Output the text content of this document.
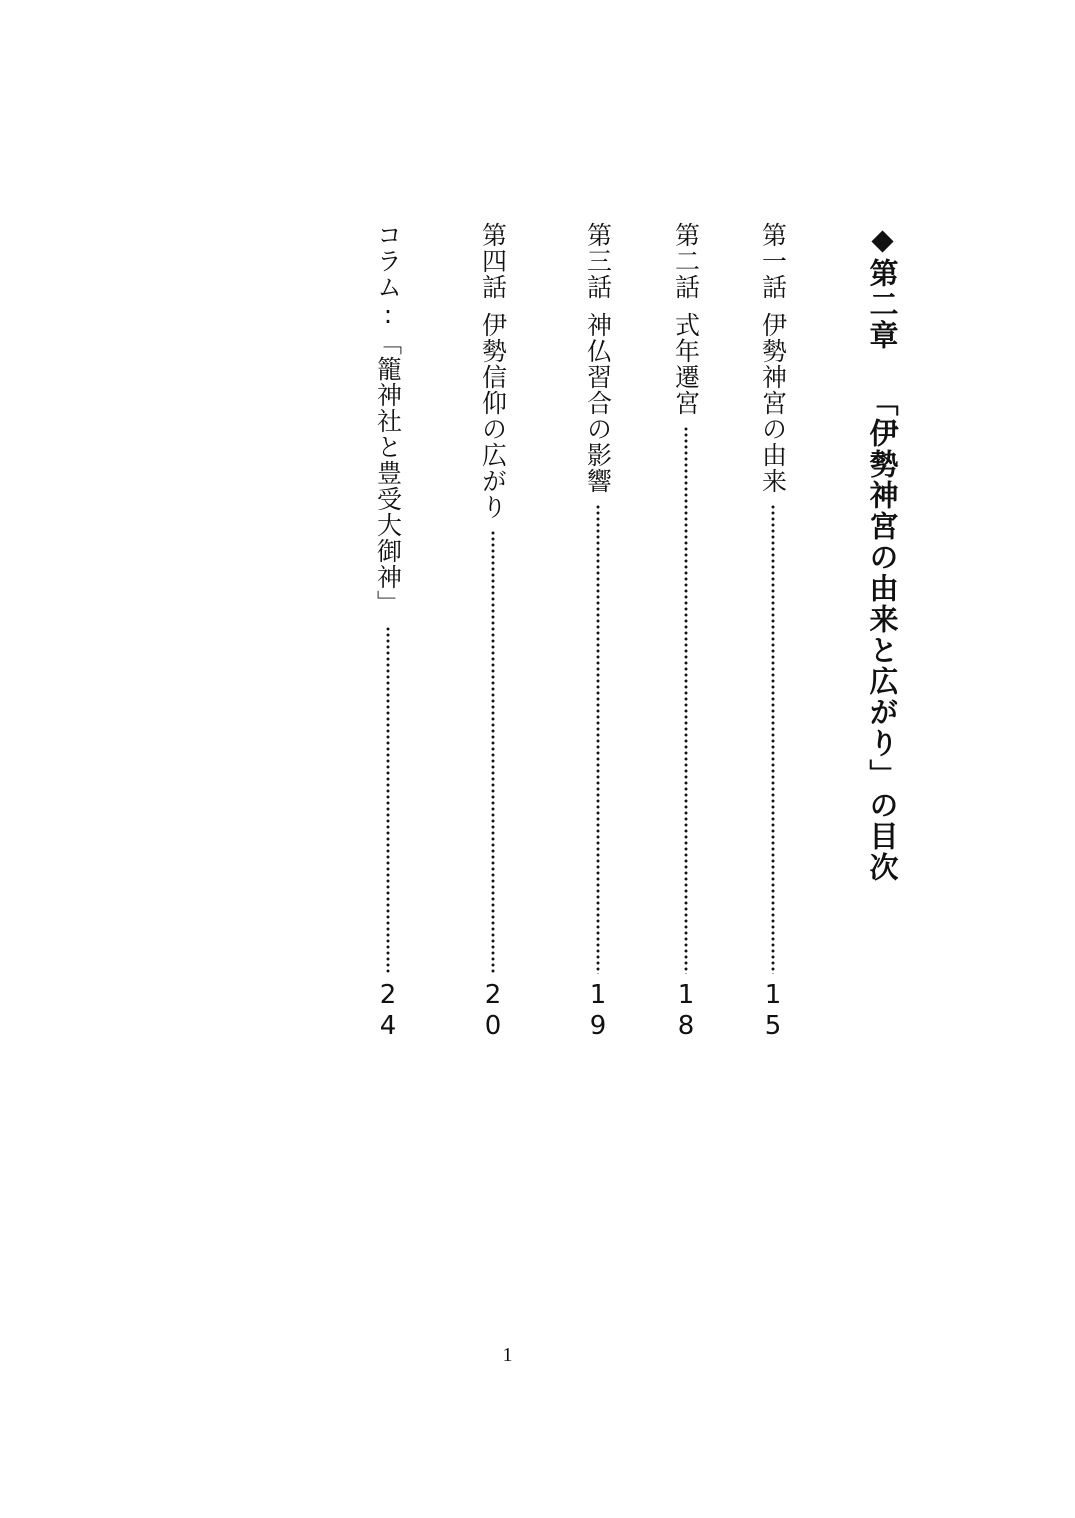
◆
第二章 「伊勢神宮の由来と広がり」の目次
第一話
伊勢神宮の由来
15
第二話
式年遷宮
18
第三話
神仏習合の影響
19
第四話
伊勢信仰の広がり
20
コラム:
「籠神社と豊受大御神」
24
1
